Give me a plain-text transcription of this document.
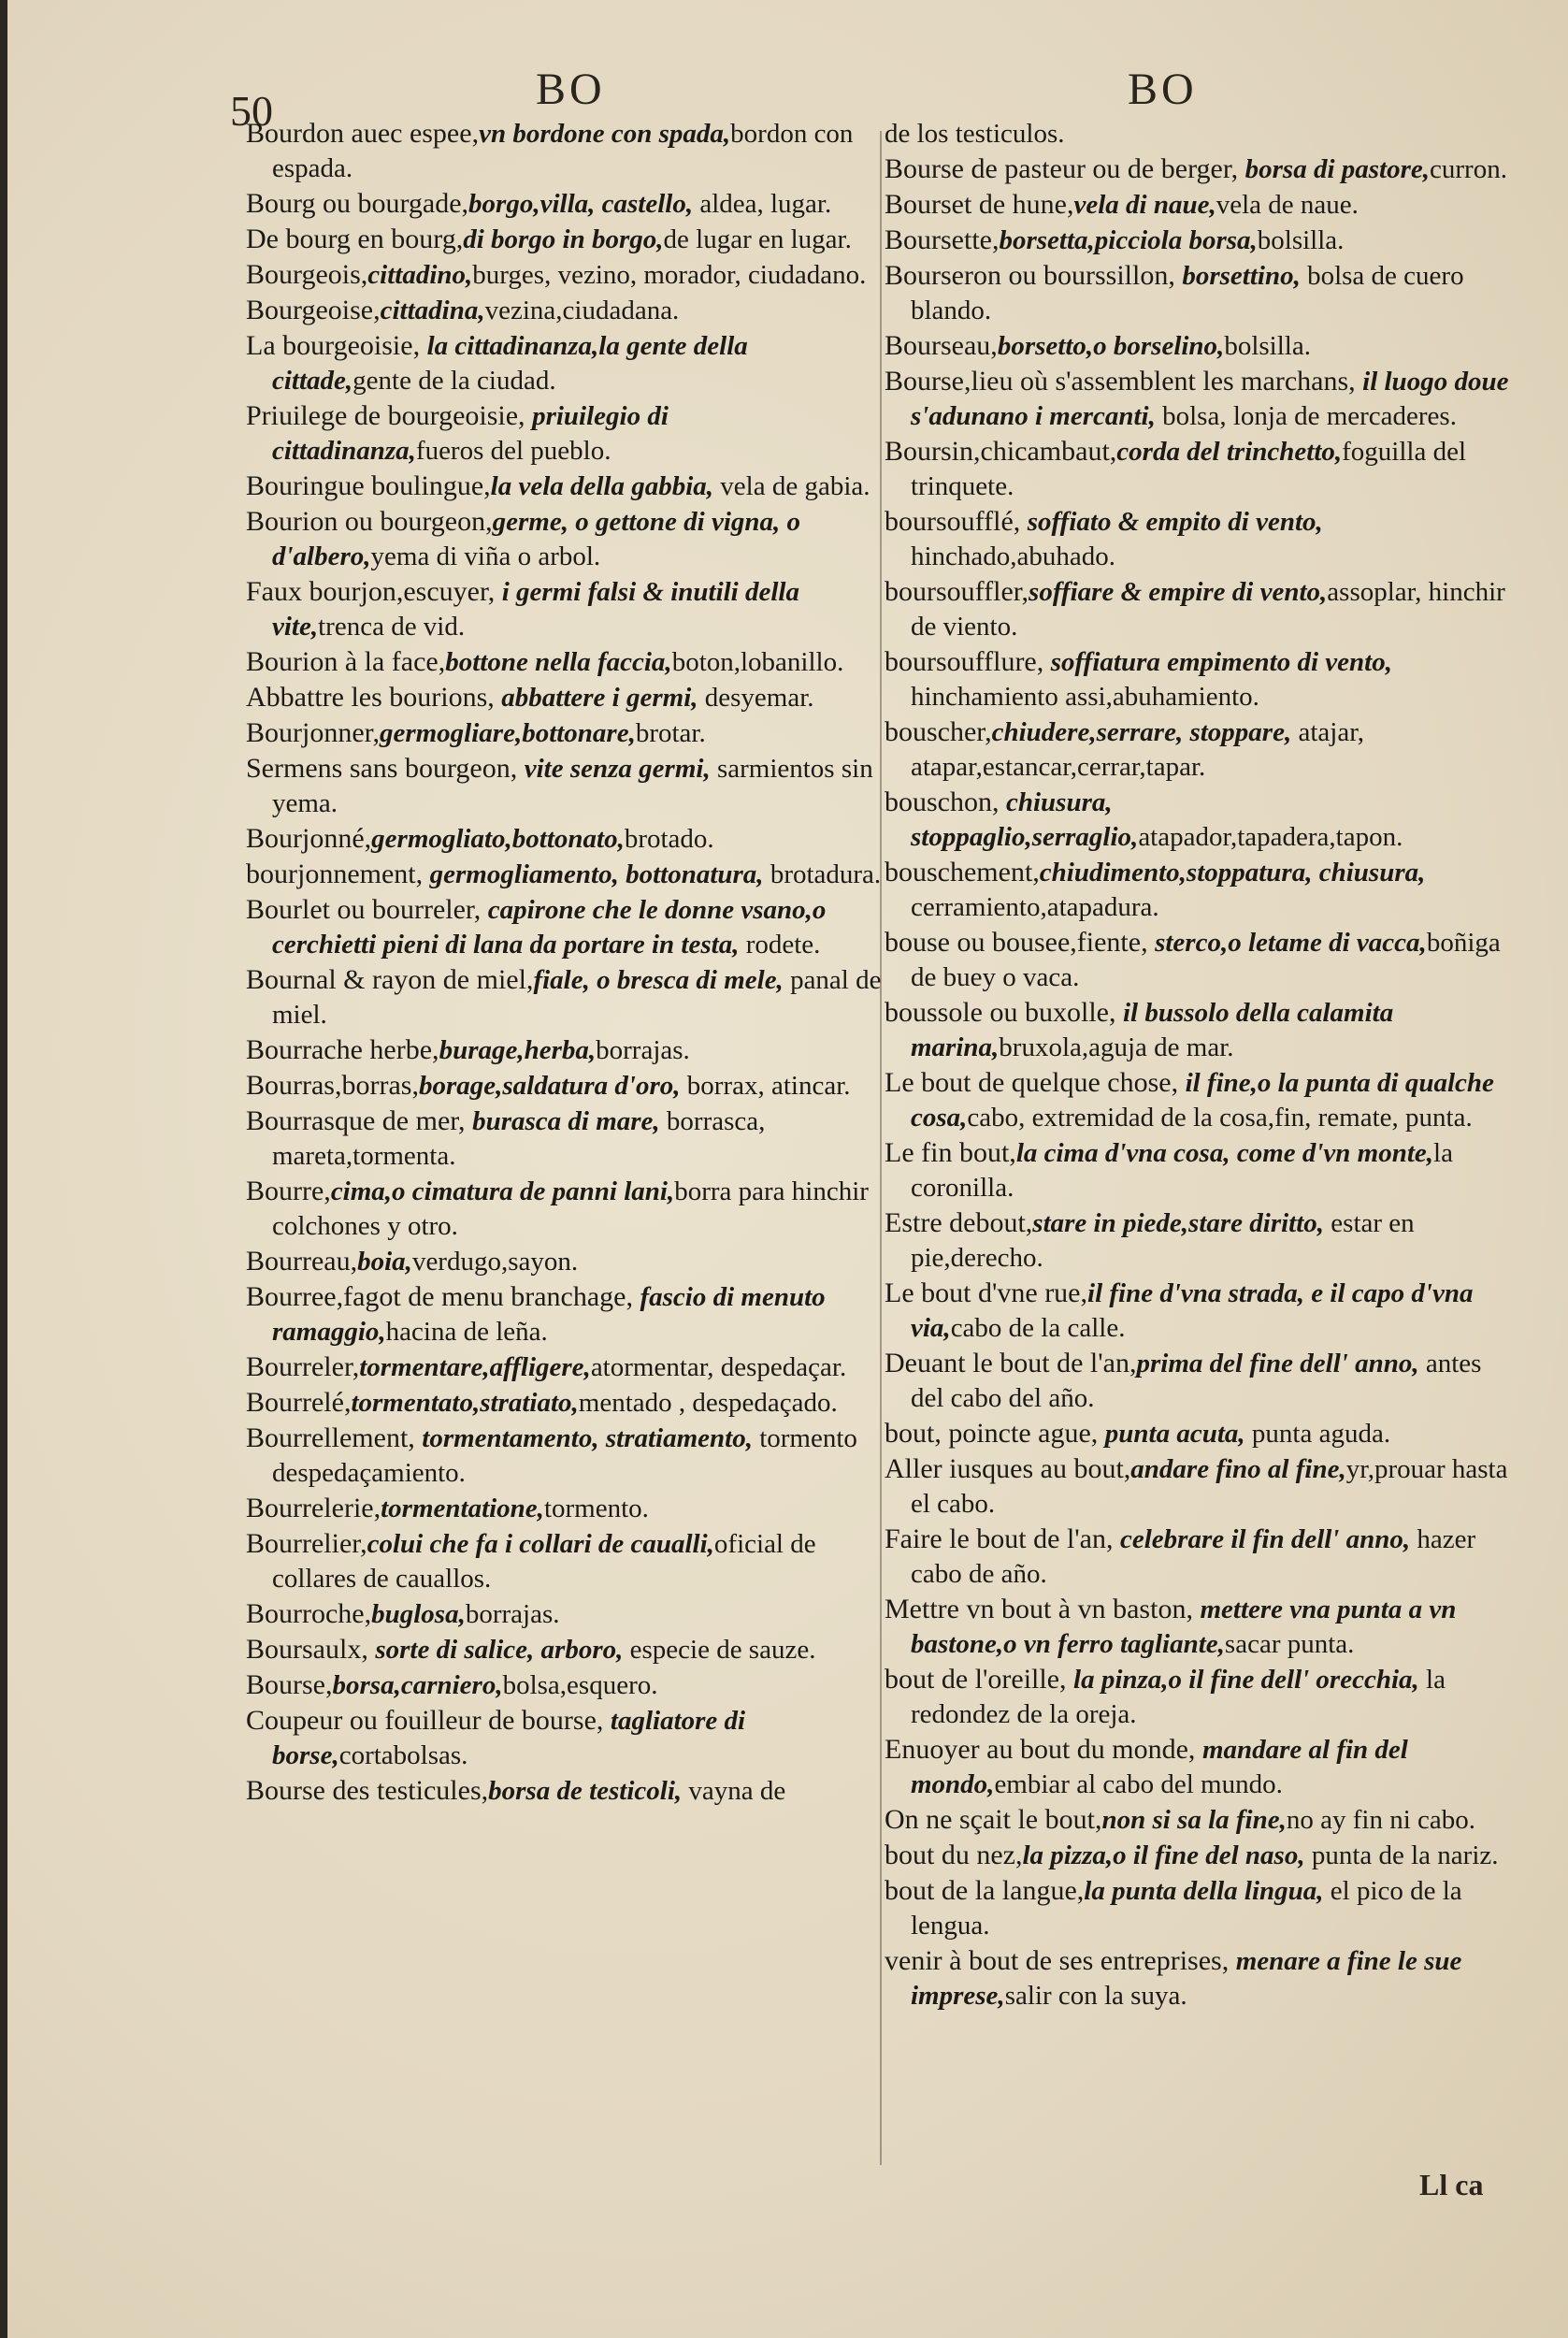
50	BO	BO

Bourdon auec espee,vn bordone con spada,bordon con espada.

Bourg ou bourgade,borgo,villa, castello, aldea, lugar.

De bourg en bourg,di borgo in borgo,de lugar en lugar.

Bourgeois,cittadino,burges, vezino, morador, ciudadano.

Bourgeoise,cittadina,vezina,ciudadana.

La bourgeoisie, la cittadinanza,la gente della cittade,gente de la ciudad.

Priuilege de bourgeoisie, priuilegio di cittadinanza,fueros del pueblo.

Bouringue boulingue,la vela della gabbia, vela de gabia.

Bourion ou bourgeon,germe, o gettone di vigna, o d'albero,yema di viña o arbol.

Faux bourjon,escuyer, i germi falsi & inutili della vite,trenca de vid.

Bourion à la face,bottone nella faccia,boton,lobanillo.

Abbattre les bourions, abbattere i germi, desyemar.

Bourjonner,germogliare,bottonare,brotar.

Sermens sans bourgeon, vite senza germi, sarmientos sin yema.

Bourjonné,germogliato,bottonato,brotado.

bourjonnement, germogliamento, bottonatura, brotadura.

Bourlet ou bourreler, capirone che le donne vsano,o cerchietti pieni di lana da portare in testa, rodete.

Bournal & rayon de miel,fiale, o bresca di mele, panal de miel.

Bourrache herbe,burage,herba,borrajas.

Bourras,borras,borage,saldatura d'oro, borrax, atincar.

Bourrasque de mer, burasca di mare, borrasca, mareta,tormenta.

Bourre,cima,o cimatura de panni lani,borra para hinchir colchones y otro.

Bourreau,boia,verdugo,sayon.

Bourree,fagot de menu branchage, fascio di menuto ramaggio,hacina de leña.

Bourreler,tormentare,affligere,atormentar, despedaçar.

Bourrelé,tormentato,stratiato,mentado , despedaçado.

Bourrellement, tormentamento, stratiamento, tormento despedaçamiento.

Bourrelerie,tormentatione,tormento.

Bourrelier,colui che fa i collari de caualli,oficial de collares de cauallos.

Bourroche,buglosa,borrajas.

Boursaulx, sorte di salice, arboro, especie de sauze.

Bourse,borsa,carniero,bolsa,esquero.

Coupeur ou fouilleur de bourse, tagliatore di borse,cortabolsas.

Bourse des testicules,borsa de testicoli, vayna de

de los testiculos.

Bourse de pasteur ou de berger, borsa di pastore,curron.

Bourset de hune,vela di naue,vela de naue.

Boursette,borsetta,picciola borsa,bolsilla.

Bourseron ou bourssillon, borsettino, bolsa de cuero blando.

Bourseau,borsetto,o borselino,bolsilla.

Bourse,lieu où s'assemblent les marchans, il luogo doue s'adunano i mercanti, bolsa, lonja de mercaderes.

Boursin,chicambaut,corda del trinchetto,foguilla del trinquete.

boursoufflé, soffiato & empito di vento, hinchado,abuhado.

boursouffler,soffiare & empire di vento,assoplar, hinchir de viento.

boursoufflure, soffiatura empimento di vento, hinchamiento assi,abuhamiento.

bouscher,chiudere,serrare, stoppare, atajar, atapar,estancar,cerrar,tapar.

bouschon, chiusura, stoppaglio,serraglio,atapador,tapadera,tapon.

bouschement,chiudimento,stoppatura, chiusura, cerramiento,atapadura.

bouse ou bousee,fiente, sterco,o letame di vacca,boñiga de buey o vaca.

boussole ou buxolle, il bussolo della calamita marina,bruxola,aguja de mar.

Le bout de quelque chose, il fine,o la punta di qualche cosa,cabo, extremidad de la cosa,fin, remate, punta.

Le fin bout,la cima d'vna cosa, come d'vn monte,la coronilla.

Estre debout,stare in piede,stare diritto, estar en pie,derecho.

Le bout d'vne rue,il fine d'vna strada, e il capo d'vna via,cabo de la calle.

Deuant le bout de l'an,prima del fine dell' anno, antes del cabo del año.

bout, poincte ague, punta acuta, punta aguda.

Aller iusques au bout,andare fino al fine,yr,prouar hasta el cabo.

Faire le bout de l'an, celebrare il fin dell' anno, hazer cabo de año.

Mettre vn bout à vn baston, mettere vna punta a vn bastone,o vn ferro tagliante,sacar punta.

bout de l'oreille, la pinza,o il fine dell' orecchia, la redondez de la oreja.

Enuoyer au bout du monde, mandare al fin del mondo,embiar al cabo del mundo.

On ne sçait le bout,non si sa la fine,no ay fin ni cabo.

bout du nez,la pizza,o il fine del naso, punta de la nariz.

bout de la langue,la punta della lingua, el pico de la lengua.

venir à bout de ses entreprises, menare a fine le sue imprese,salir con la suya.

Ll ca
